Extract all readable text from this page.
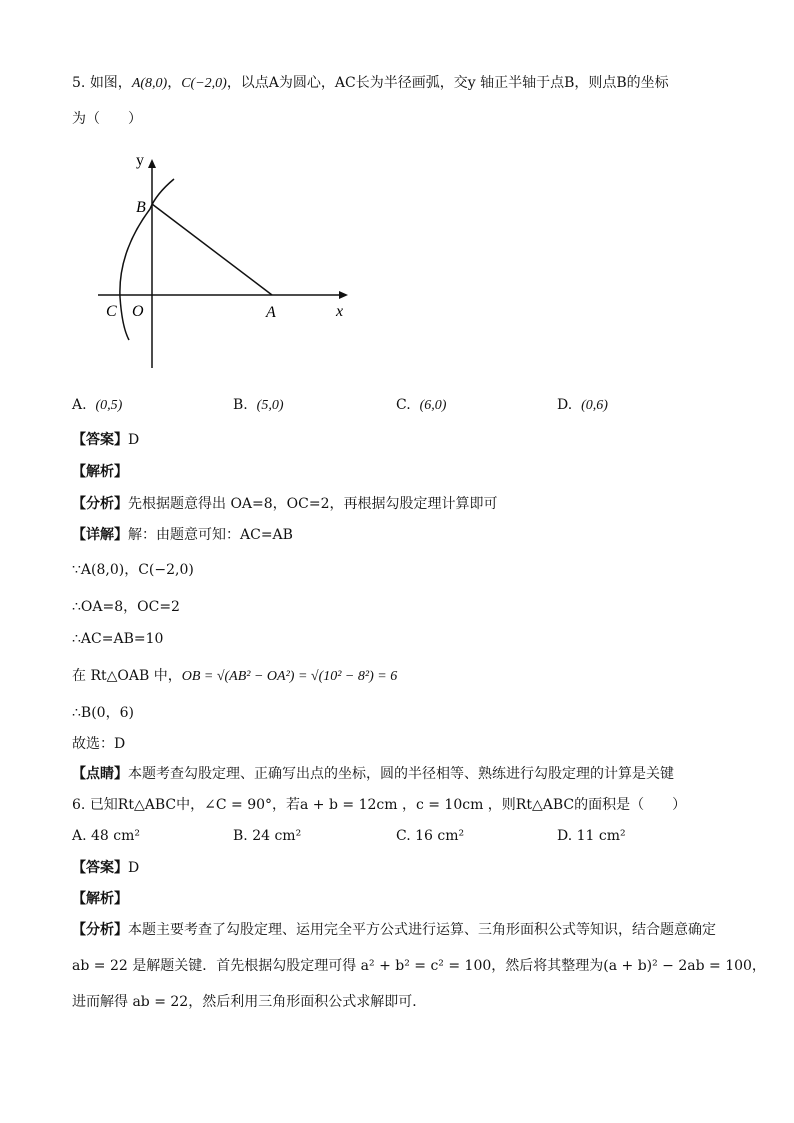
5. 如图，A(8,0)，C(−2,0)，以点A为圆心，AC长为半径画弧，交y 轴正半轴于点B，则点B的坐标
为（　　）
y
B
C O	A	x
A. (0,5)	B. (5,0)	C. (6,0)	D. (0,6)
【答案】D
【解析】
【分析】先根据题意得出 OA=8，OC=2，再根据勾股定理计算即可
【详解】解：由题意可知：AC=AB
∵A(8,0)，C(−2,0)
∴OA=8，OC=2
∴AC=AB=10
在 Rt△OAB 中，OB = √(AB² − OA²) = √(10² − 8²) = 6
∴B(0，6)
故选：D
【点睛】本题考查勾股定理、正确写出点的坐标，圆的半径相等、熟练进行勾股定理的计算是关键
6. 已知Rt△ABC中，∠C = 90°，若a + b = 12cm ，c = 10cm ，则Rt△ABC的面积是（　　）
A. 48 cm²	B. 24 cm²	C. 16 cm²	D. 11 cm²
【答案】D
【解析】
【分析】本题主要考查了勾股定理、运用完全平方公式进行运算、三角形面积公式等知识，结合题意确定
ab = 22 是解题关键．首先根据勾股定理可得 a² + b² = c² = 100，然后将其整理为(a + b)² − 2ab = 100，
进而解得 ab = 22，然后利用三角形面积公式求解即可．
